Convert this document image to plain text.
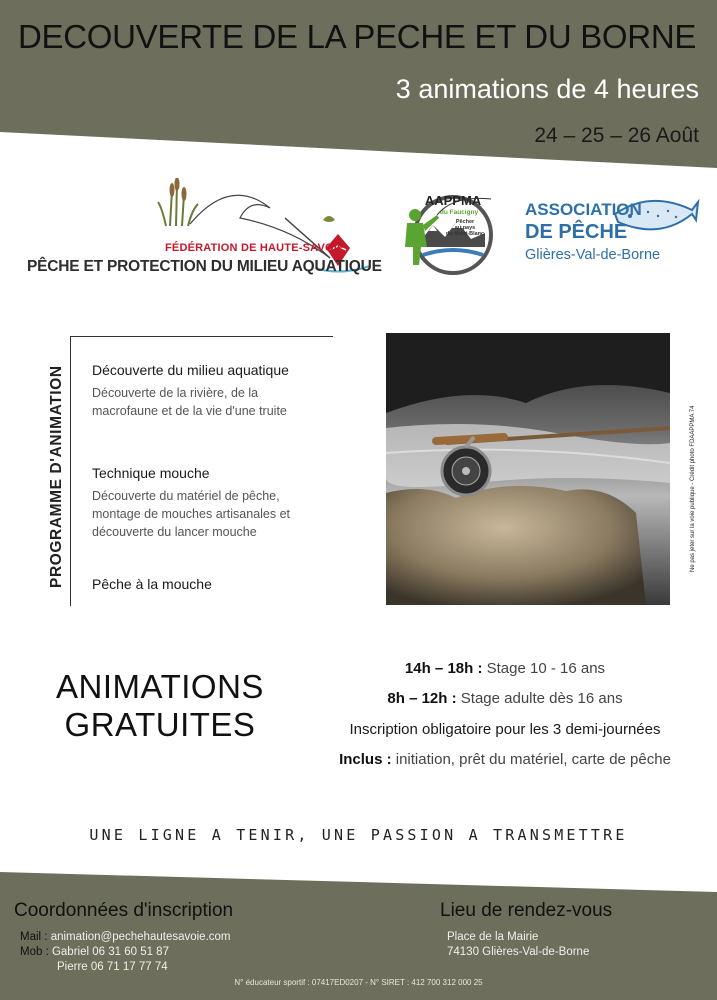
DECOUVERTE DE LA PECHE ET DU BORNE
3 animations de 4 heures
24 – 25 – 26 Août
FÉDÉRATION DE HAUTE-SAVOIE
PÊCHE ET PROTECTION DU MILIEU AQUATIQUE
AAPPMA
du Faucigny
Pêcher
au pays
du Mont-Blanc
ASSOCIATION
DE PÊCHE
Glières-Val-de-Borne
PROGRAMME D'ANIMATION Découverte du milieu aquatique
Découverte de la rivière, de la
macrofaune et de la vie d'une truite
Technique mouche
Découverte du matériel de pêche,
montage de mouches artisanales et
découverte du lancer mouche
Pêche à la mouche
Ne pas jeter sur la voie publique - Crédit photo FDAAPPMA 74
ANIMATIONS
GRATUITES
14h – 18h : Stage 10 - 16 ans
8h – 12h : Stage adulte dès 16 ans
Inscription obligatoire pour les 3 demi-journées
Inclus : initiation, prêt du matériel, carte de pêche
UNE LIGNE A TENIR, UNE PASSION A TRANSMETTRE
Coordonnées d'inscription
Mail : animation@pechehautesavoie.com
Mob : Gabriel 06 31 60 51 87
Pierre 06 71 17 77 74
Lieu de rendez-vous
Place de la Mairie
74130 Glières-Val-de-Borne
N° éducateur sportif : 07417ED0207 - N° SIRET : 412 700 312 000 25
